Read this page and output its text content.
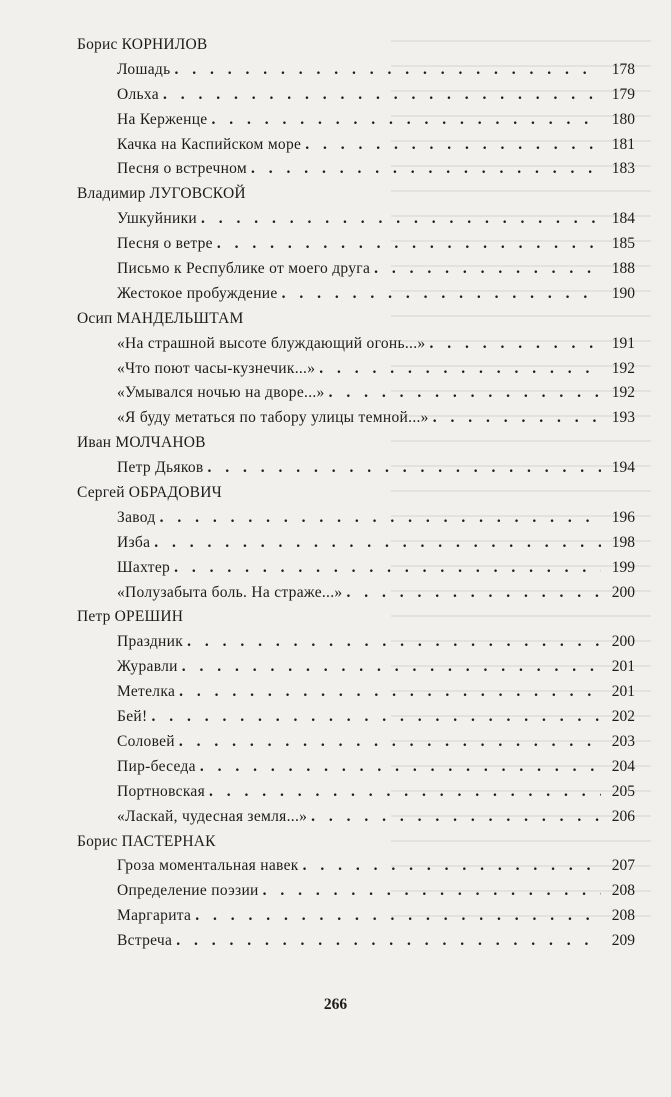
Борис КОРНИЛОВ
Лошадь . . .	178
Ольха . . .	179
На Керженце . . .	180
Качка на Каспийском море . . .	181
Песня о встречном . . .	183
Владимир ЛУГОВСКОЙ
Ушкуйники . . .	184
Песня о ветре . . .	185
Письмо к Республике от моего друга . . .	188
Жестокое пробуждение . . .	190
Осип МАНДЕЛЬШТАМ
«На страшной высоте блуждающий огонь...» . . .	191
«Что поют часы-кузнечик...» . . .	192
«Умывался ночью на дворе...» . . .	192
«Я буду метаться по табору улицы темной...» . . .	193
Иван МОЛЧАНОВ
Петр Дьяков . . .	194
Сергей ОБРАДОВИЧ
Завод . . .	196
Изба . . .	198
Шахтер . . .	199
«Полузабыта боль. На страже...» . . .	200
Петр ОРЕШИН
Праздник . . .	200
Журавли . . .	201
Метелка . . .	201
Бей! . . .	202
Соловей . . .	203
Пир-беседа . . .	204
Портновская . . .	205
«Ласкай, чудесная земля...» . . .	206
Борис ПАСТЕРНАК
Гроза моментальная навек . . .	207
Определение поэзии . . .	208
Маргарита . . .	208
Встреча . . .	209
266
